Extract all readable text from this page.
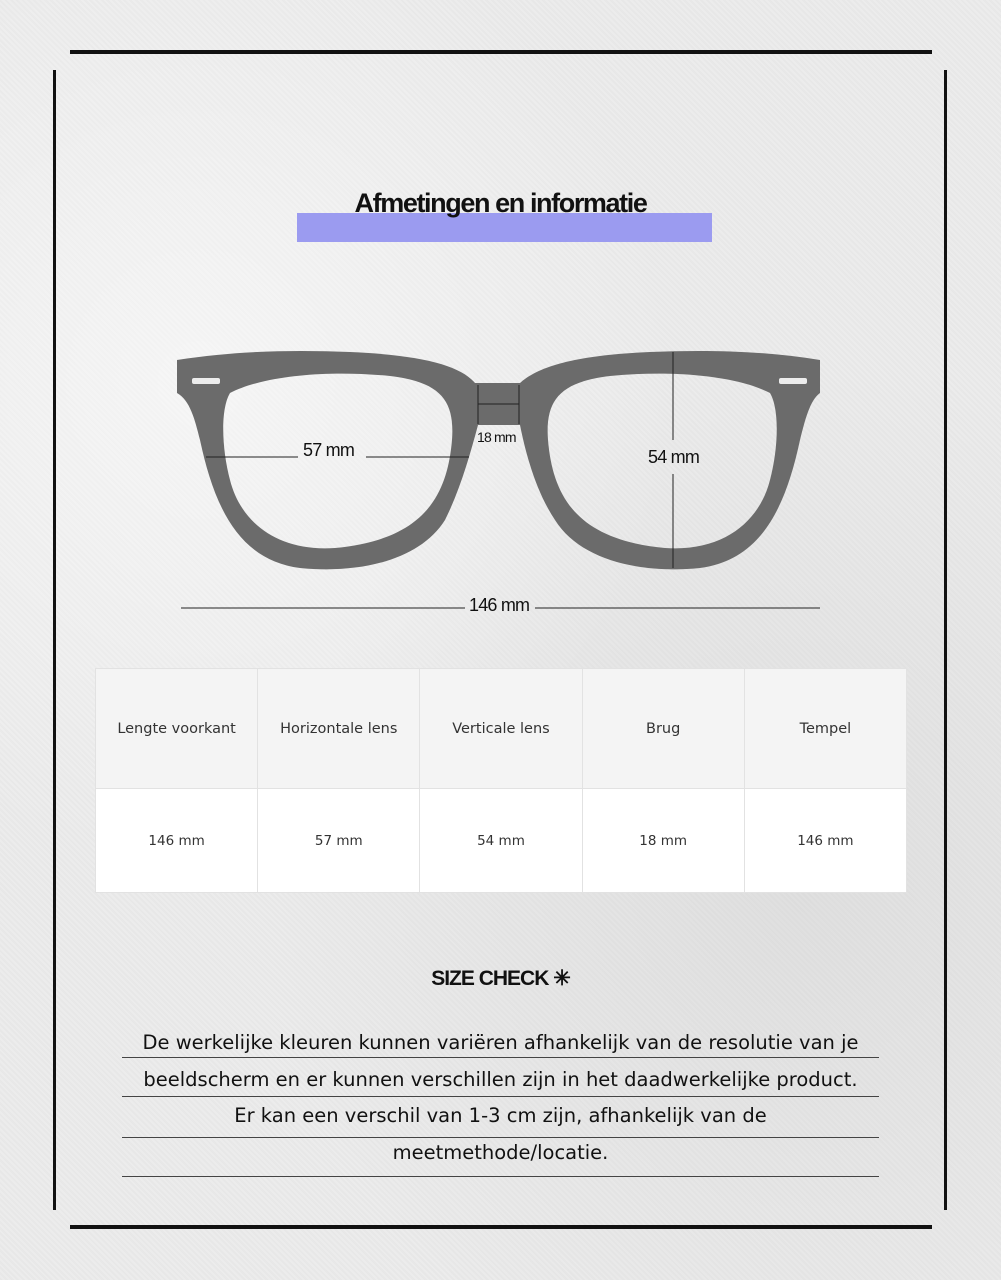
Afmetingen en informatie
57 mm
18 mm
54 mm
146 mm
Lengte voorkant	Horizontale lens	Verticale lens	Brug	Tempel
146 mm	57 mm	54 mm	18 mm	146 mm
SIZE CHECK ✳
De werkelijke kleuren kunnen variëren afhankelijk van de resolutie van je
beeldscherm en er kunnen verschillen zijn in het daadwerkelijke product.
Er kan een verschil van 1-3 cm zijn, afhankelijk van de
meetmethode/locatie.
